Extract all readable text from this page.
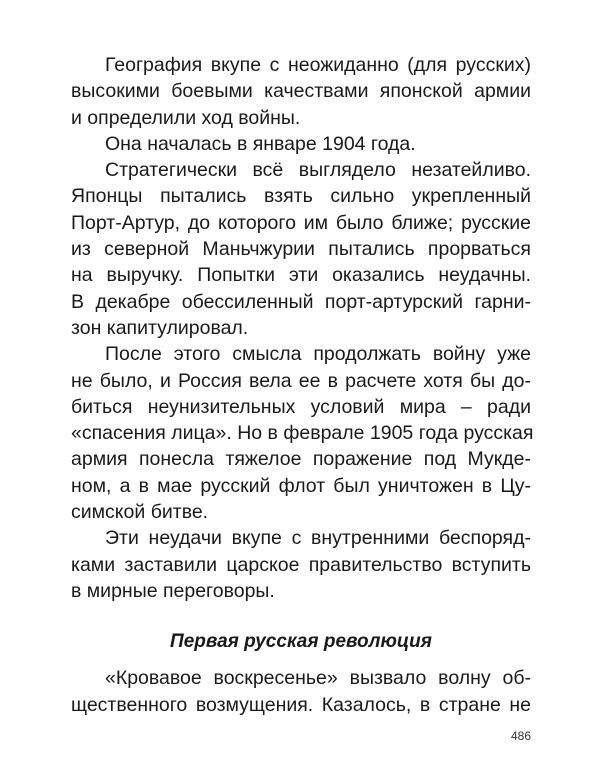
География вкупе с неожиданно (для русских)
высокими боевыми качествами японской армии
и определили ход войны.
Она началась в январе 1904 года.
Стратегически всё выглядело незатейливо.
Японцы пытались взять сильно укрепленный
Порт-Артур, до которого им было ближе; русские
из северной Маньчжурии пытались прорваться
на выручку. Попытки эти оказались неудачны.
В декабре обессиленный порт-артурский гарни-
зон капитулировал.
После этого смысла продолжать войну уже
не было, и Россия вела ее в расчете хотя бы до-
биться неунизительных условий мира – ради
«спасения лица». Но в феврале 1905 года русская
армия понесла тяжелое поражение под Мукде-
ном, а в мае русский флот был уничтожен в Цу-
симской битве.
Эти неудачи вкупе с внутренними беспоряд-
ками заставили царское правительство вступить
в мирные переговоры.
Первая русская революция
«Кровавое воскресенье» вызвало волну об-
щественного возмущения. Казалось, в стране не
486
